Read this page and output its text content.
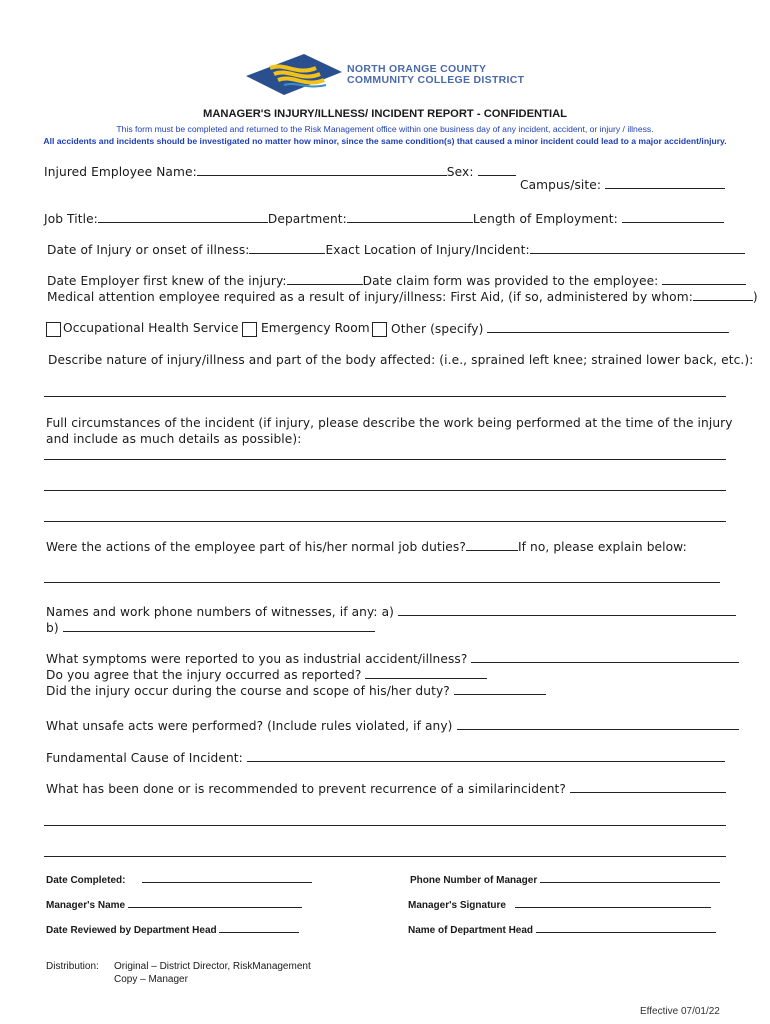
NORTH ORANGE COUNTY
COMMUNITY COLLEGE DISTRICT
MANAGER'S INJURY/ILLNESS/ INCIDENT REPORT - CONFIDENTIAL
This form must be completed and returned to the Risk Management office within one business day of any incident, accident, or injury / illness.
All accidents and incidents should be investigated no matter how minor, since the same condition(s) that caused a minor incident could lead to a major accident/injury.
Injured Employee Name:	Sex:
Campus/site:
Job Title:	Department:	Length of Employment:
Date of Injury or onset of illness:	Exact Location of Injury/Incident:
Date Employer first knew of the injury:	Date claim form was provided to the employee:
Medical attention employee required as a result of injury/illness: First Aid, (if so, administered by whom:	)
Occupational Health Service Emergency Room Other (specify)
Describe nature of injury/illness and part of the body affected: (i.e., sprained left knee; strained lower back, etc.):
Full circumstances of the incident (if injury, please describe the work being performed at the time of the injury
and include as much details as possible):
Were the actions of the employee part of his/her normal job duties?	If no, please explain below:
Names and work phone numbers of witnesses, if any: a)
b)
What symptoms were reported to you as industrial accident/illness?
Do you agree that the injury occurred as reported?
Did the injury occur during the course and scope of his/her duty?
What unsafe acts were performed? (Include rules violated, if any)
Fundamental Cause of Incident:
What has been done or is recommended to prevent recurrence of a similarincident?
Date Completed:	Phone Number of Manager
Manager's Name	Manager's Signature
Date Reviewed by Department Head	Name of Department Head
Distribution: Original – District Director, RiskManagement
Copy – Manager
Effective 07/01/22
